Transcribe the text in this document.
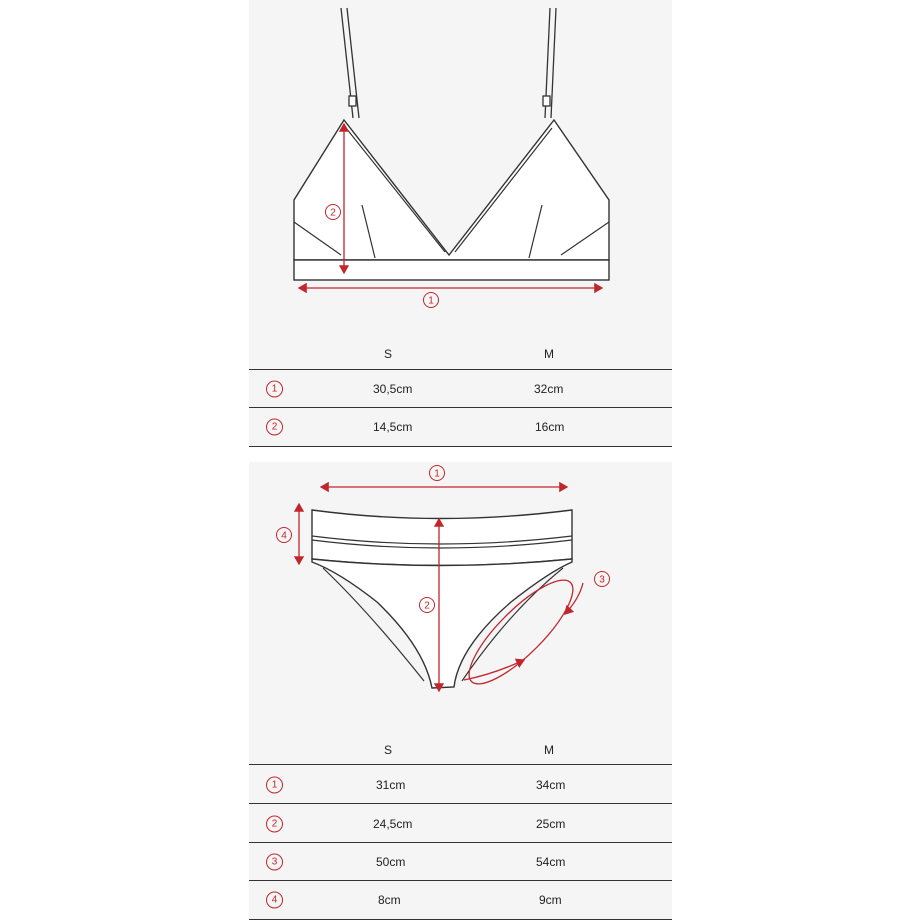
2
1
S	M
1	30,5cm	32cm
2	14,5cm	16cm
1
2
3
4
S	M
1	31cm	34cm
2	24,5cm	25cm
3	50cm	54cm
4	8cm	9cm
